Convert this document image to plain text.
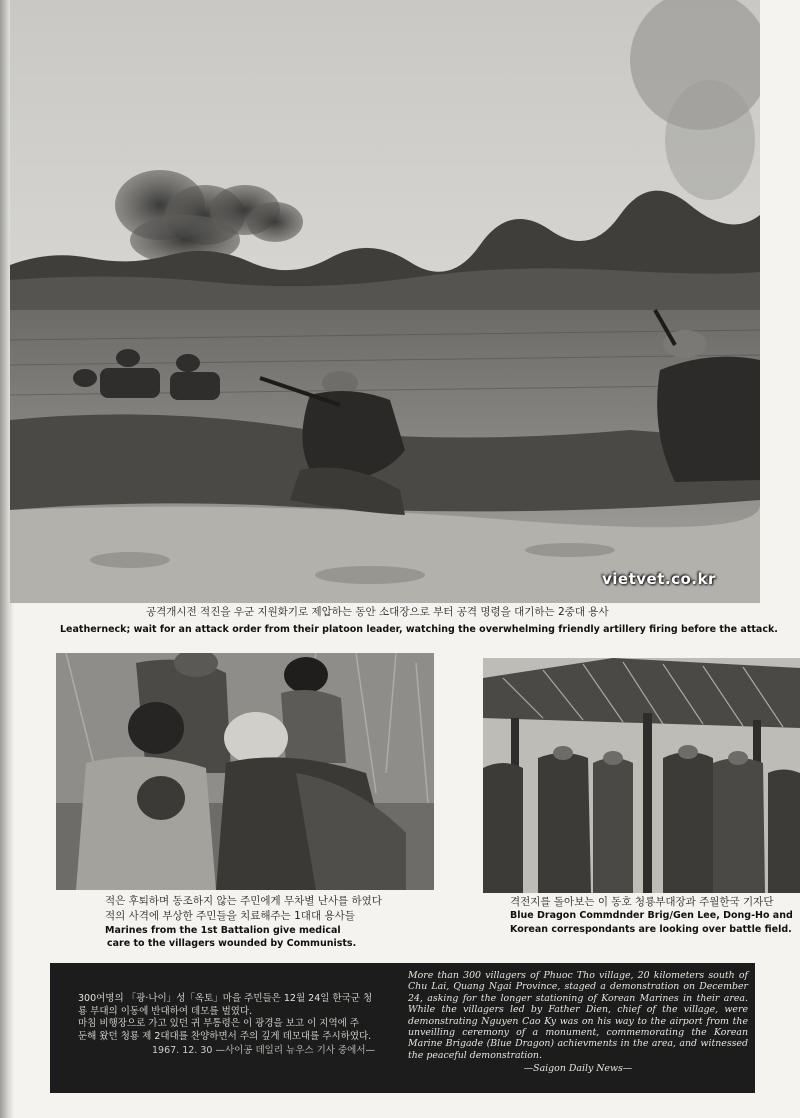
vietvet.co.kr
공격개시전 적진을 우군 지원화기로 제압하는 동안 소대장으로 부터 공격 명령을 대기하는 2중대 용사
Leatherneck; wait for an attack order from their platoon leader, watching the overwhelming friendly artillery firing before the attack.
적은 후퇴하며 동조하지 않는 주민에게 무차별 난사를 하였다
적의 사격에 부상한 주민들을 치료해주는 1대대 용사들
Marines from the 1st Battalion give medical
care to the villagers wounded by Communists.
격전지를 돌아보는 이 동호 청룡부대장과 주월한국 기자단
Blue Dragon Commdnder Brig/Gen Lee, Dong-Ho and
Korean correspondants are looking over battle field.

300여명의 「광·나이」성「옥토」마을 주민들은 12월 24일 한국군 청

룡 부대의 이동에 반대하여 데모를 벌였다.

마침 비행장으로 가고 있던 귀 부통령은 이 광경을 보고 이 지역에 주

둔해 왔던 청룡 제 2대대를 찬양하면서 주의 깊게 데모대를 주시하였다.

1967. 12. 30 —사이공 데일리 뉴우스 기사 중에서—

More than 300 villagers of Phuoc Tho village, 20 kilometers south of Chu Lai, Quang Ngai Province, staged a demonstration on December 24, asking for the longer stationing of Korean Marines in their area. While the villagers led by Father Dien, chief of the village, were demonstrating Nguyen Cao Ky was on his way to the airport from the unveilling ceremony of a monument, commemorating the Korean Marine Brigade (Blue Dragon) achievments in the area, and witnessed the peaceful demonstration.
—Saigon Daily News—
